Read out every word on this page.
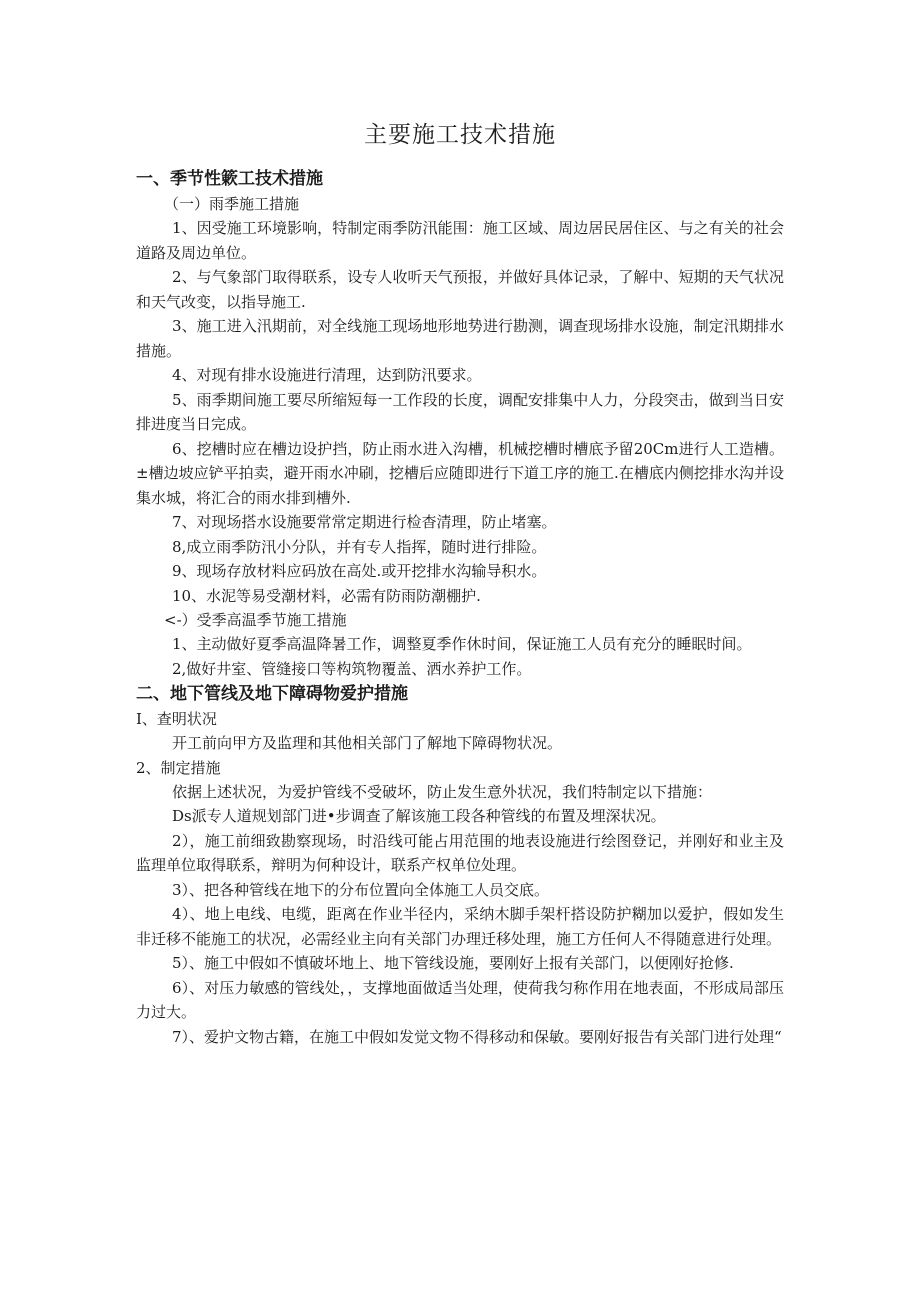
主要施工技术措施
一、季节性簌工技术措施
（一）雨季施工措施

1、因受施工环境影响，特制定雨季防汛能围：施工区域、周边居民居住区、与之有关的社会道路及周边单位。

2、与气象部门取得联系，设专人收听天气预报，并做好具体记录，了解中、短期的天气状况和天气改变，以指导施工.

3、施工进入汛期前，对全线施工现场地形地势进行勘测，调查现场排水设施，制定汛期排水措施。

4、对现有排水设施进行清理，达到防汛要求。

5、雨季期间施工要尽所缩短每一工作段的长度，调配安排集中人力，分段突击，做到当日安排进度当日完成。

6、挖槽时应在槽边设护挡，防止雨水进入沟槽，机械挖槽时槽底予留20Cm进行人工造槽。±槽边坡应铲平拍卖，避开雨水冲刷，挖槽后应随即进行下道工序的施工.在槽底内侧挖排水沟并设集水城，将汇合的雨水排到槽外.

7、对现场搭水设施要常常定期进行检杳清理，防止堵塞。

8,成立雨季防汛小分队，并有专人指挥，随时进行排险。

9、现场存放材料应码放在高处.或开挖排水沟输导积水。

10、水泥等易受潮材料，必需有防雨防潮棚护.

<-）受季高温季节施工措施

1、主动做好夏季高温降暑工作，调整夏季作休时间，保证施工人员有充分的睡眠时间。

2,做好井室、管缝接口等构筑物覆盖、洒水养护工作。

二、地下管线及地下障碍物爱护措施
I、查明状况

开工前向甲方及监理和其他相关部门了解地下障碍物状况。

2、制定措施

依据上述状况，为爱护管线不受破坏，防止发生意外状况，我们特制定以下措施：

Ds派专人道规划部门进•步调查了解该施工段各种管线的布置及埋深状况。

2），施工前细致勘察现场，时沿线可能占用范围的地表设施进行绘图登记，并刚好和业主及监理单位取得联系，辩明为何种设计，联系产权单位处理。

3）、把各种管线在地下的分布位置向全体施工人员交底。

4）、地上电线、电缆，距离在作业半径内，采纳木脚手架杆搭设防护糊加以爱护，假如发生非迁移不能施工的状况，必需经业主向有关部门办理迁移处理，施工方任何人不得随意进行处理。

5）、施工中假如不慎破坏地上、地下管线设施，要刚好上报有关部门，以便刚好抢修.

6）、对压力敏感的管线处，，支撑地面做适当处理，使荷我匀称作用在地表面，不形成局部压力过大。

7）、爱护文物古籍，在施工中假如发觉文物不得移动和保敏。要刚好报告有关部门进行处理“
